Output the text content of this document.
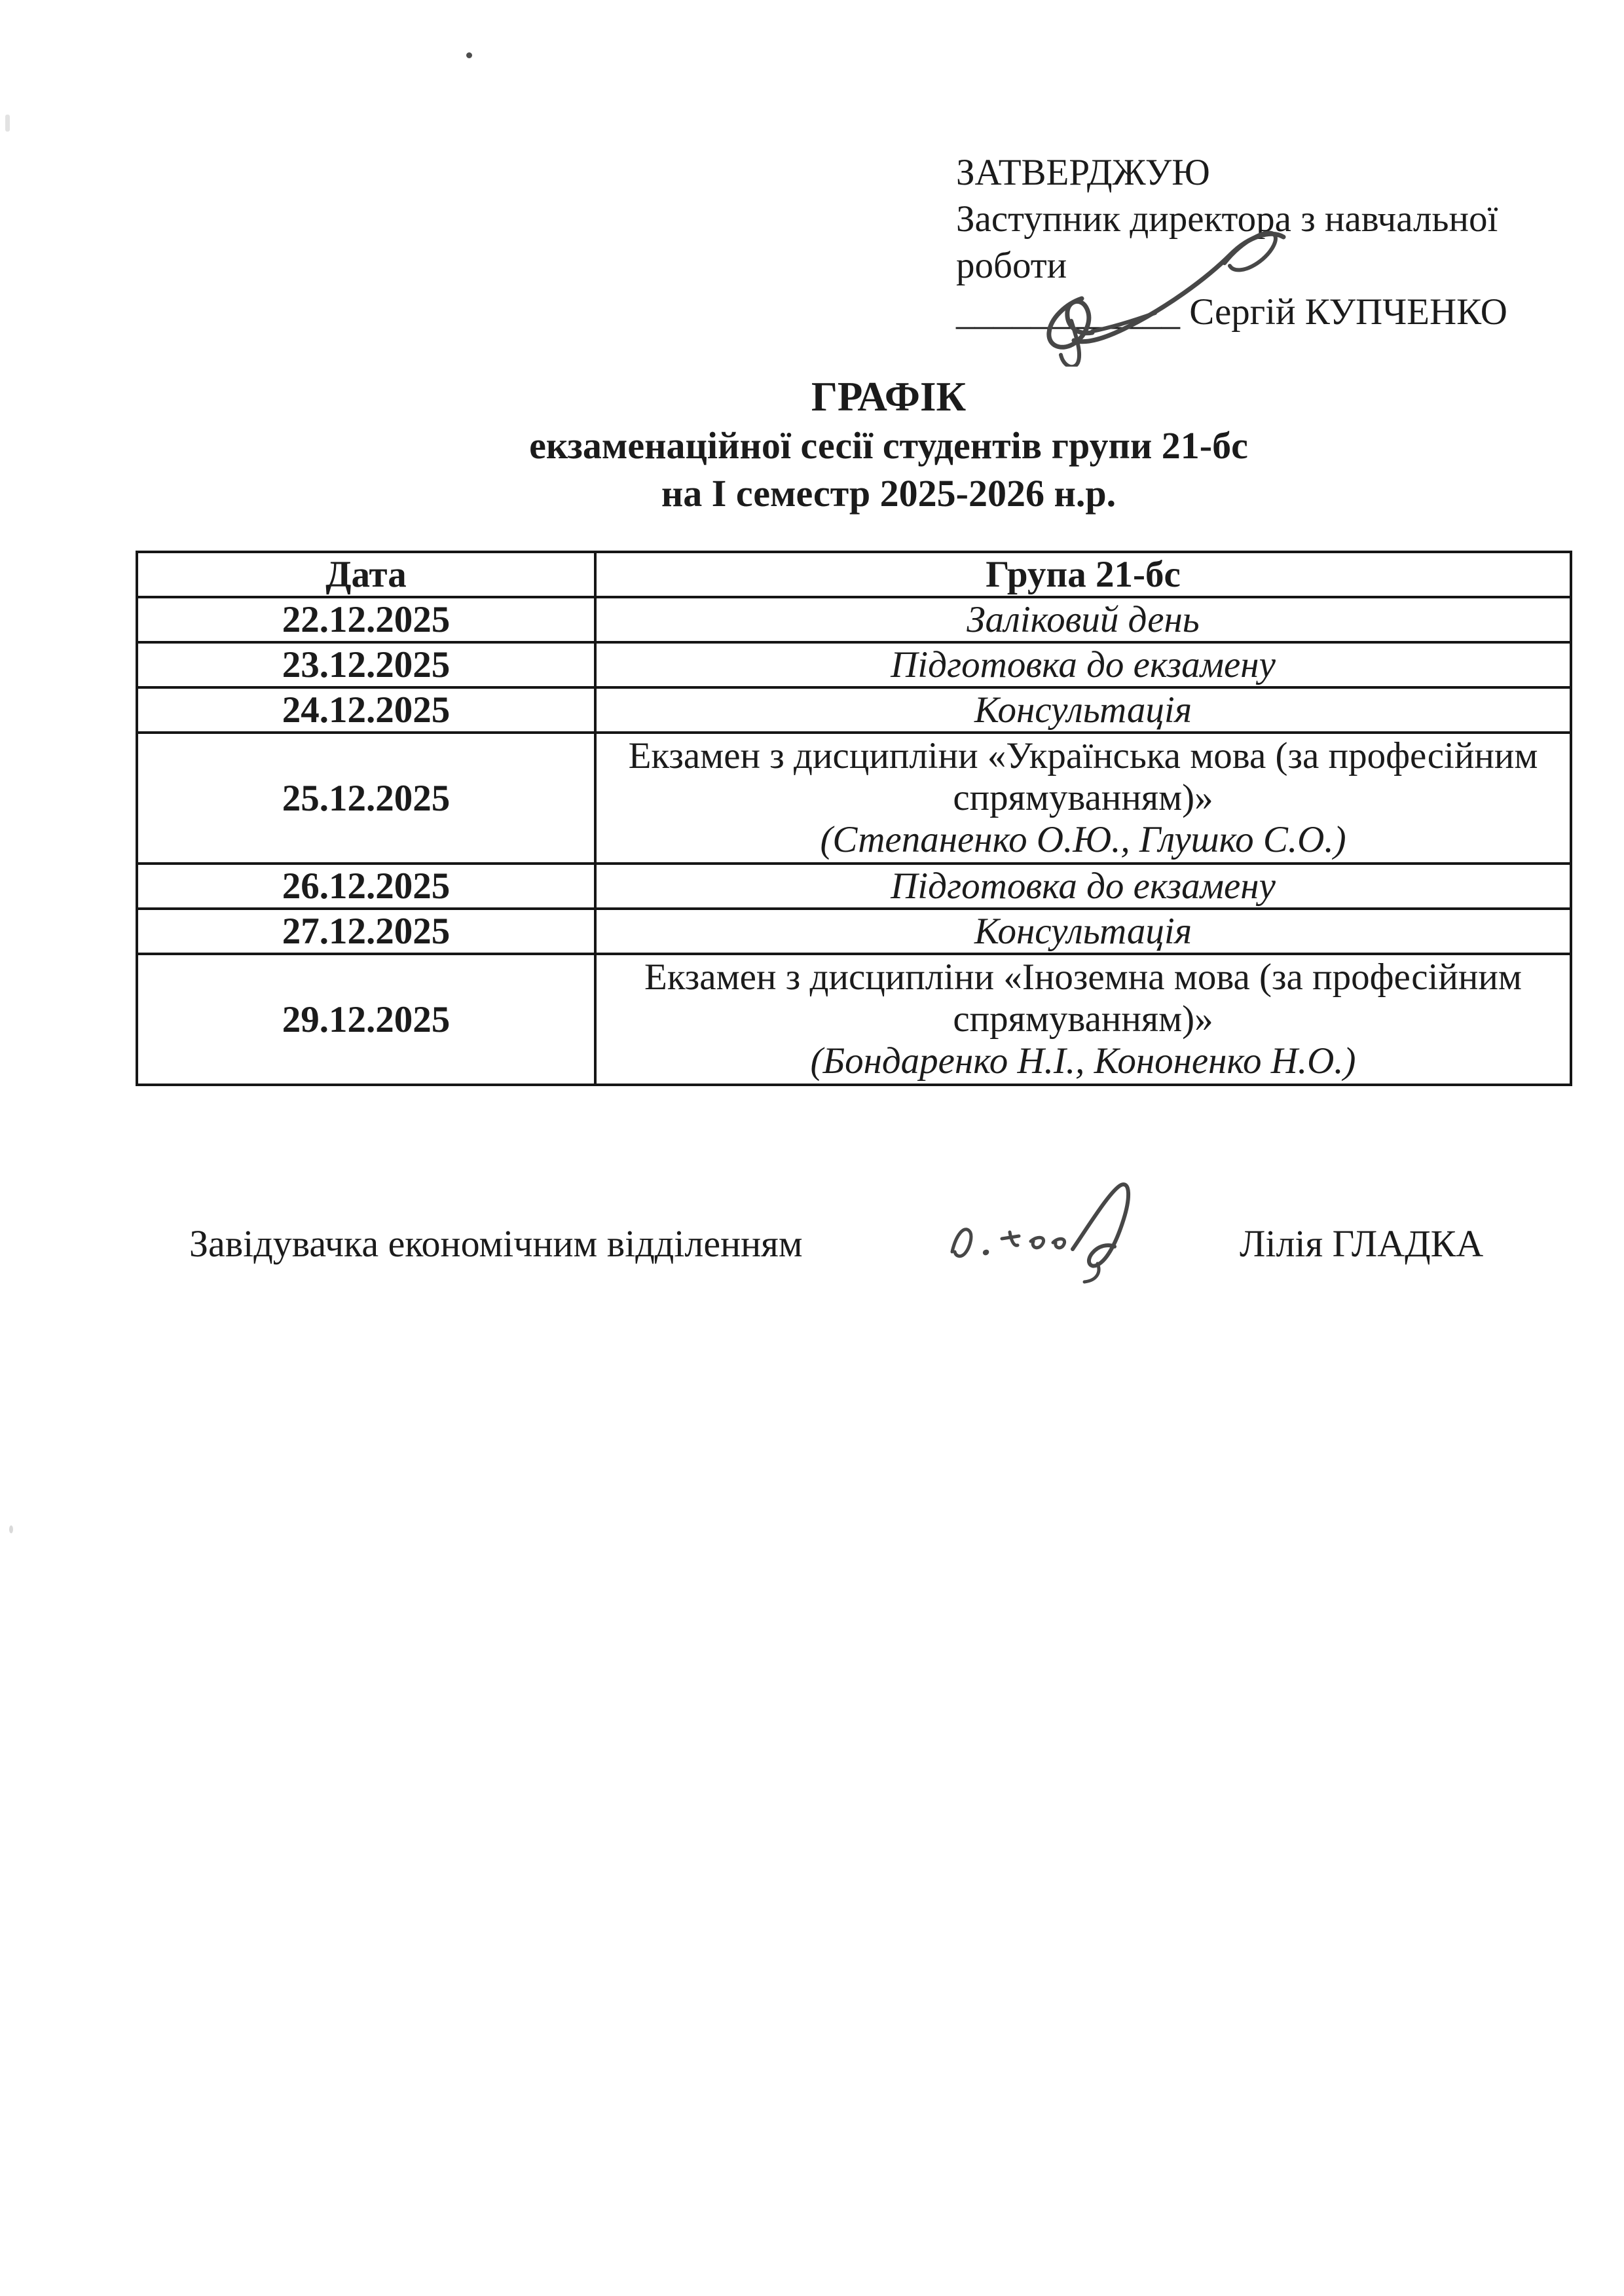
ЗАТВЕРДЖУЮ
Заступник директора з навчальної
роботи
____________ Сергій КУПЧЕНКО
ГРАФІК
екзаменаційної сесії студентів групи 21-бс
на І семестр 2025-2026 н.р.
Дата	Група 21-бс
22.12.2025	Заліковий день
23.12.2025	Підготовка до екзамену
24.12.2025	Консультація
25.12.2025	Екзамен з дисципліни «Українська мова (за професійним спрямуванням)»
(Степаненко О.Ю., Глушко С.О.)

26.12.2025	Підготовка до екзамену
27.12.2025	Консультація
29.12.2025	Екзамен з дисципліни «Іноземна мова (за професійним спрямуванням)»
(Бондаренко Н.І., Кононенко Н.О.)
Завідувачка економічним відділенням	Лілія ГЛАДКА
